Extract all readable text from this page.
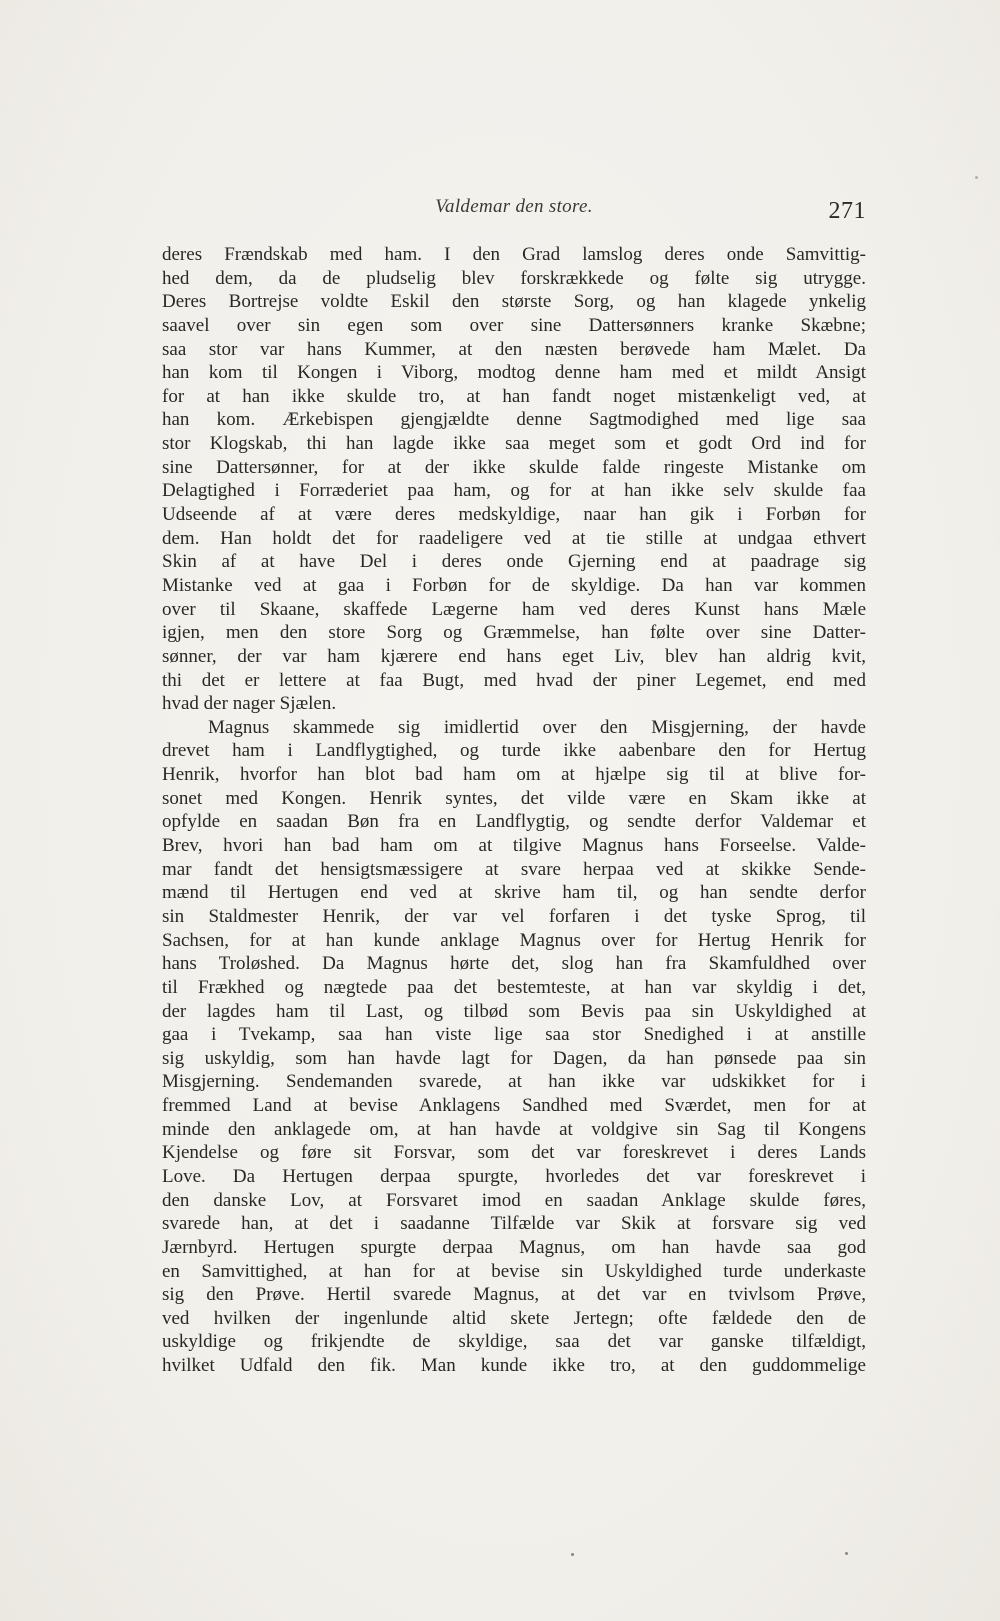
Valdemar den store.	271
deres Frændskab med ham. I den Grad lamslog deres onde Samvittig-
hed dem, da de pludselig blev forskrækkede og følte sig utrygge.
Deres Bortrejse voldte Eskil den største Sorg, og han klagede ynkelig
saavel over sin egen som over sine Dattersønners kranke Skæbne;
saa stor var hans Kummer, at den næsten berøvede ham Mælet. Da
han kom til Kongen i Viborg, modtog denne ham med et mildt Ansigt
for at han ikke skulde tro, at han fandt noget mistænkeligt ved, at
han kom. Ærkebispen gjengjældte denne Sagtmodighed med lige saa
stor Klogskab, thi han lagde ikke saa meget som et godt Ord ind for
sine Dattersønner, for at der ikke skulde falde ringeste Mistanke om
Delagtighed i Forræderiet paa ham, og for at han ikke selv skulde faa
Udseende af at være deres medskyldige, naar han gik i Forbøn for
dem. Han holdt det for raadeligere ved at tie stille at undgaa ethvert
Skin af at have Del i deres onde Gjerning end at paadrage sig
Mistanke ved at gaa i Forbøn for de skyldige. Da han var kommen
over til Skaane, skaffede Lægerne ham ved deres Kunst hans Mæle
igjen, men den store Sorg og Græmmelse, han følte over sine Datter-
sønner, der var ham kjærere end hans eget Liv, blev han aldrig kvit,
thi det er lettere at faa Bugt, med hvad der piner Legemet, end med
hvad der nager Sjælen.
Magnus skammede sig imidlertid over den Misgjerning, der havde
drevet ham i Landflygtighed, og turde ikke aabenbare den for Hertug
Henrik, hvorfor han blot bad ham om at hjælpe sig til at blive for-
sonet med Kongen. Henrik syntes, det vilde være en Skam ikke at
opfylde en saadan Bøn fra en Landflygtig, og sendte derfor Valdemar et
Brev, hvori han bad ham om at tilgive Magnus hans Forseelse. Valde-
mar fandt det hensigtsmæssigere at svare herpaa ved at skikke Sende-
mænd til Hertugen end ved at skrive ham til, og han sendte derfor
sin Staldmester Henrik, der var vel forfaren i det tyske Sprog, til
Sachsen, for at han kunde anklage Magnus over for Hertug Henrik for
hans Troløshed. Da Magnus hørte det, slog han fra Skamfuldhed over
til Frækhed og nægtede paa det bestemteste, at han var skyldig i det,
der lagdes ham til Last, og tilbød som Bevis paa sin Uskyldighed at
gaa i Tvekamp, saa han viste lige saa stor Snedighed i at anstille
sig uskyldig, som han havde lagt for Dagen, da han pønsede paa sin
Misgjerning. Sendemanden svarede, at han ikke var udskikket for i
fremmed Land at bevise Anklagens Sandhed med Sværdet, men for at
minde den anklagede om, at han havde at voldgive sin Sag til Kongens
Kjendelse og føre sit Forsvar, som det var foreskrevet i deres Lands
Love. Da Hertugen derpaa spurgte, hvorledes det var foreskrevet i
den danske Lov, at Forsvaret imod en saadan Anklage skulde føres,
svarede han, at det i saadanne Tilfælde var Skik at forsvare sig ved
Jærnbyrd. Hertugen spurgte derpaa Magnus, om han havde saa god
en Samvittighed, at han for at bevise sin Uskyldighed turde underkaste
sig den Prøve. Hertil svarede Magnus, at det var en tvivlsom Prøve,
ved hvilken der ingenlunde altid skete Jertegn; ofte fældede den de
uskyldige og frikjendte de skyldige, saa det var ganske tilfældigt,
hvilket Udfald den fik. Man kunde ikke tro, at den guddommelige
